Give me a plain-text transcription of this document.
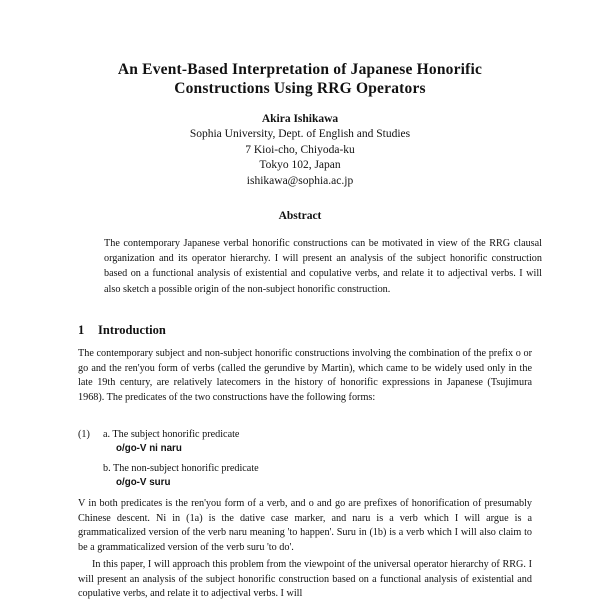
An Event-Based Interpretation of Japanese Honorific
Constructions Using RRG Operators
Akira Ishikawa
Sophia University, Dept. of English and Studies
7 Kioi-cho, Chiyoda-ku
Tokyo 102, Japan
ishikawa@sophia.ac.jp
Abstract
The contemporary Japanese verbal honorific constructions can be motivated in view of the RRG clausal organization and its operator hierarchy. I will present an analysis of the subject honorific construction based on a functional analysis of existential and copulative verbs, and relate it to adjectival verbs. I will also sketch a possible origin of the non-subject honorific construction.
1 Introduction
The contemporary subject and non-subject honorific constructions involving the combination of the prefix o or go and the ren'you form of verbs (called the gerundive by Martin), which came to be widely used only in the late 19th century, are relatively latecomers in the history of honorific expressions in Japanese (Tsujimura 1968). The predicates of the two constructions have the following forms:
(1) a. The subject honorific predicate
o/go-V ni naru
b. The non-subject honorific predicate
o/go-V suru
V in both predicates is the ren'you form of a verb, and o and go are prefixes of honorification of presumably Chinese descent. Ni in (1a) is the dative case marker, and naru is a verb which I will argue is a grammaticalized version of the verb naru meaning 'to happen'. Suru in (1b) is a verb which I will also claim to be a grammaticalized version of the verb suru 'to do'.
In this paper, I will approach this problem from the viewpoint of the universal operator hierarchy of RRG. I will present an analysis of the subject honorific construction based on a functional analysis of existential and copulative verbs, and relate it to adjectival verbs. I will
